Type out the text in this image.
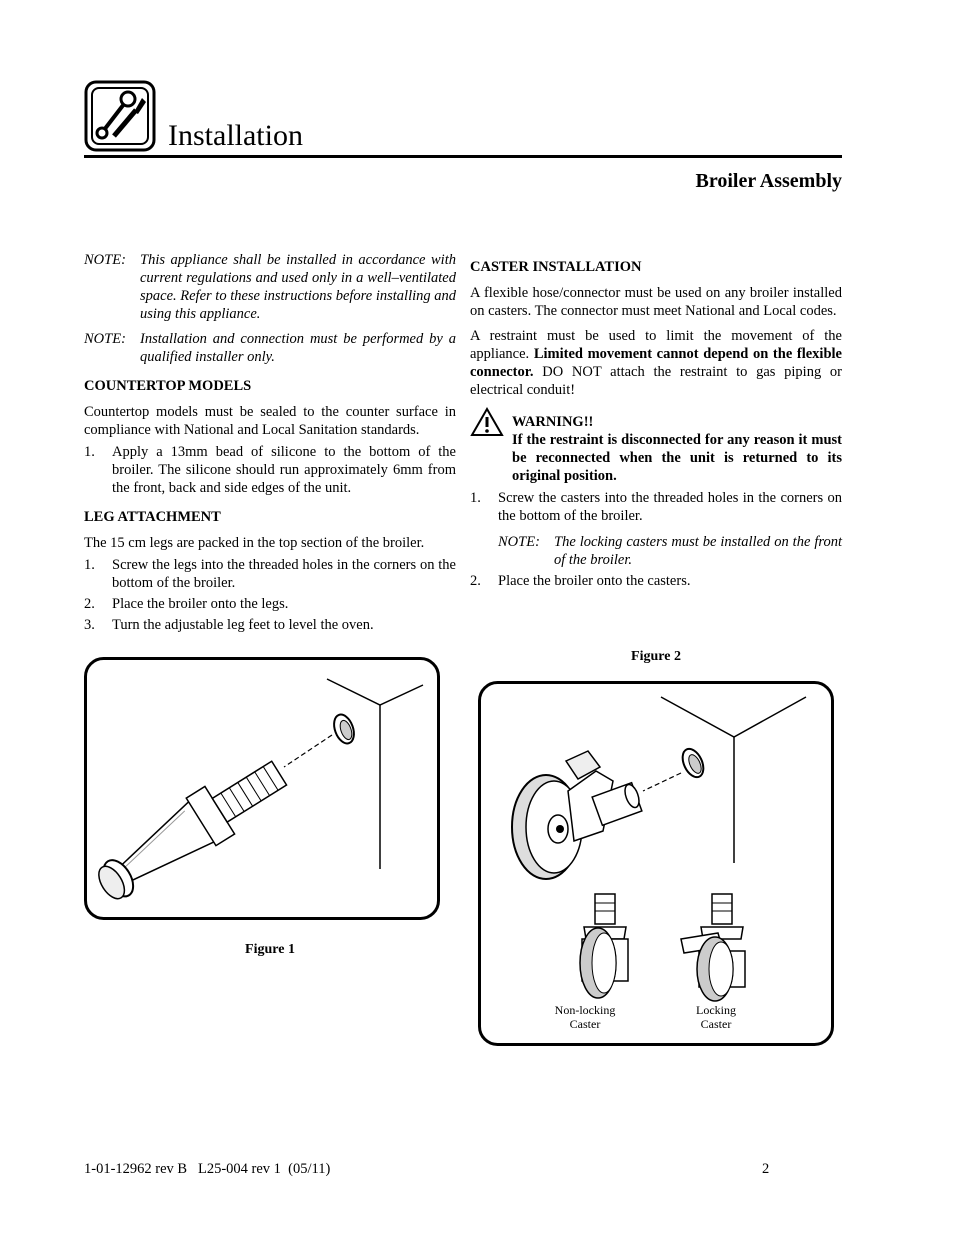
Installation
Broiler Assembly
NOTE: This appliance shall be installed in accordance with current regulations and used only in a well–ventilated space. Refer to these instructions before installing and using this appliance.
NOTE: Installation and connection must be performed by a qualified installer only.

COUNTERTOP MODELS

Countertop models must be sealed to the counter surface in compliance with National and Local Sanitation standards.

1.	Apply a 13mm bead of silicone to the bottom of the broiler. The silicone should run approximately 6mm from the front, back and side edges of the unit.

LEG ATTACHMENT

The 15 cm legs are packed in the top section of the broiler.

1.	Screw the legs into the threaded holes in the corners on the bottom of the broiler.
2.	Place the broiler onto the legs.
3.	Turn the adjustable leg feet to level the oven.
Figure 1

CASTER INSTALLATION

A flexible hose/connector must be used on any broiler installed on casters. The connector must meet National and Local codes.

A restraint must be used to limit the movement of the appliance. Limited movement cannot depend on the flexible connector. DO NOT attach the restraint to gas piping or electrical conduit!

WARNING!!

If the restraint is disconnected for any reason it must be reconnected when the unit is returned to its original position.

1.	Screw the casters into the threaded holes in the corners on the bottom of the broiler.
NOTE: The locking casters must be installed on the front of the broiler.
2.	Place the broiler onto the casters.
Figure 2
Non-locking
Caster
Locking
Caster
1-01-12962 rev B   L25-004 rev 1  (05/11)	2
